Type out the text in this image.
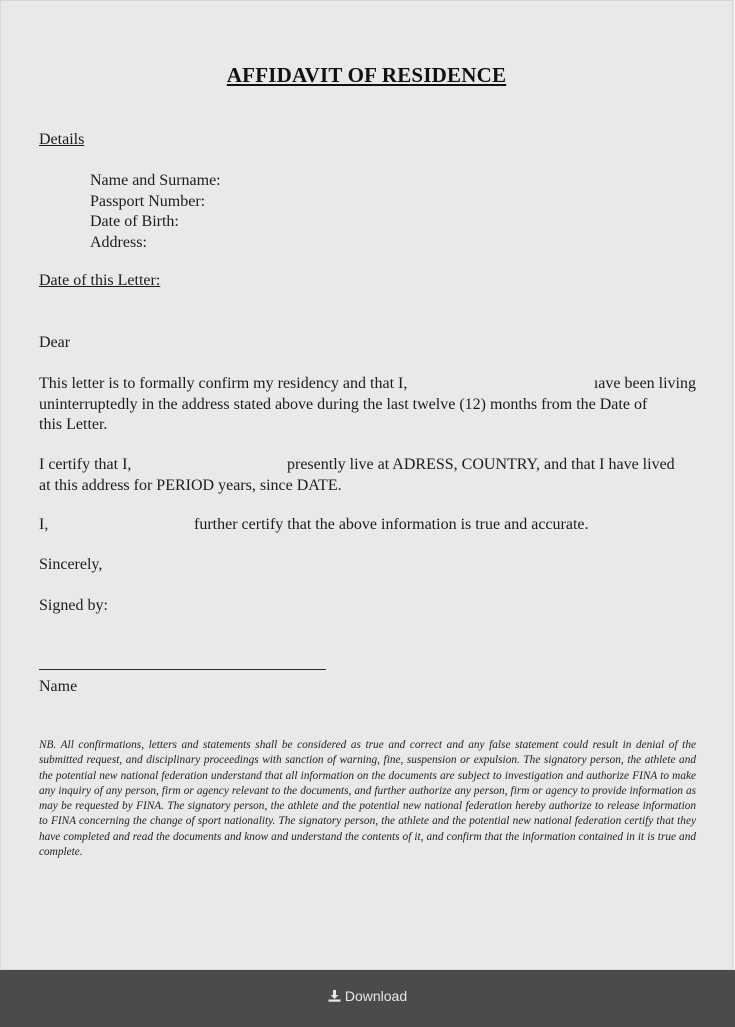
AFFIDAVIT OF RESIDENCE
Details
Name and Surname:
Passport Number:
Date of Birth:
Address:
Date of this Letter:
Dear
This letter is to formally confirm my residency and that I,	ıave been living
uninterruptedly in the address stated above during the last twelve (12) months from the Date of
this Letter.
I certify that I,	presently live at ADRESS, COUNTRY, and that I have lived
at this address for PERIOD years, since DATE.
I,	further certify that the above information is true and accurate.
Sincerely,
Signed by:
Name
NB. All confirmations, letters and statements shall be considered as true and correct and any false statement could result in denial of the submitted request, and disciplinary proceedings with sanction of warning, fine, suspension or expulsion. The signatory person, the athlete and the potential new national federation understand that all information on the documents are subject to investigation and authorize FINA to make any inquiry of any person, firm or agency relevant to the documents, and further authorize any person, firm or agency to provide information as may be requested by FINA. The signatory person, the athlete and the potential new national federation hereby authorize to release information to FINA concerning the change of sport nationality. The signatory person, the athlete and the potential new national federation certify that they have completed and read the documents and know and understand the contents of it, and confirm that the information contained in it is true and complete.
Download
